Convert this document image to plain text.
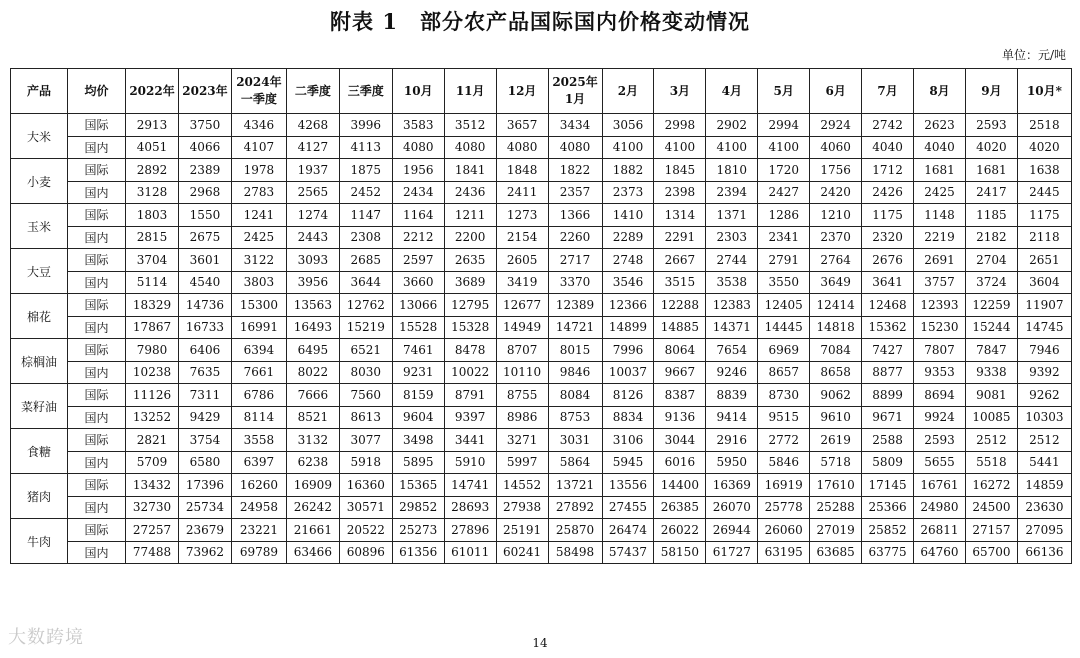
附表 1　部分农产品国际国内价格变动情况
单位：元/吨
产品	均价	2022年	2023年	2024年一季度	二季度	三季度	10月	11月	12月	2025年1月	2月	3月	4月	5月	6月	7月	8月	9月	10月*
大米	国际	2913	3750	4346	4268	3996	3583	3512	3657	3434	3056	2998	2902	2994	2924	2742	2623	2593	2518
	国内	4051	4066	4107	4127	4113	4080	4080	4080	4080	4100	4100	4100	4100	4060	4040	4040	4020	4020
小麦	国际	2892	2389	1978	1937	1875	1956	1841	1848	1822	1882	1845	1810	1720	1756	1712	1681	1681	1638
	国内	3128	2968	2783	2565	2452	2434	2436	2411	2357	2373	2398	2394	2427	2420	2426	2425	2417	2445
玉米	国际	1803	1550	1241	1274	1147	1164	1211	1273	1366	1410	1314	1371	1286	1210	1175	1148	1185	1175
	国内	2815	2675	2425	2443	2308	2212	2200	2154	2260	2289	2291	2303	2341	2370	2320	2219	2182	2118
大豆	国际	3704	3601	3122	3093	2685	2597	2635	2605	2717	2748	2667	2744	2791	2764	2676	2691	2704	2651
	国内	5114	4540	3803	3956	3644	3660	3689	3419	3370	3546	3515	3538	3550	3649	3641	3757	3724	3604
棉花	国际	18329	14736	15300	13563	12762	13066	12795	12677	12389	12366	12288	12383	12405	12414	12468	12393	12259	11907
	国内	17867	16733	16991	16493	15219	15528	15328	14949	14721	14899	14885	14371	14445	14818	15362	15230	15244	14745
棕榈油	国际	7980	6406	6394	6495	6521	7461	8478	8707	8015	7996	8064	7654	6969	7084	7427	7807	7847	7946
	国内	10238	7635	7661	8022	8030	9231	10022	10110	9846	10037	9667	9246	8657	8658	8877	9353	9338	9392
菜籽油	国际	11126	7311	6786	7666	7560	8159	8791	8755	8084	8126	8387	8839	8730	9062	8899	8694	9081	9262
	国内	13252	9429	8114	8521	8613	9604	9397	8986	8753	8834	9136	9414	9515	9610	9671	9924	10085	10303
食糖	国际	2821	3754	3558	3132	3077	3498	3441	3271	3031	3106	3044	2916	2772	2619	2588	2593	2512	2512
	国内	5709	6580	6397	6238	5918	5895	5910	5997	5864	5945	6016	5950	5846	5718	5809	5655	5518	5441
猪肉	国际	13432	17396	16260	16909	16360	15365	14741	14552	13721	13556	14400	16369	16919	17610	17145	16761	16272	14859
	国内	32730	25734	24958	26242	30571	29852	28693	27938	27892	27455	26385	26070	25778	25288	25366	24980	24500	23630
牛肉	国际	27257	23679	23221	21661	20522	25273	27896	25191	25870	26474	26022	26944	26060	27019	25852	26811	27157	27095
	国内	77488	73962	69789	63466	60896	61356	61011	60241	58498	57437	58150	61727	63195	63685	63775	64760	65700	66136
大数跨境	14
